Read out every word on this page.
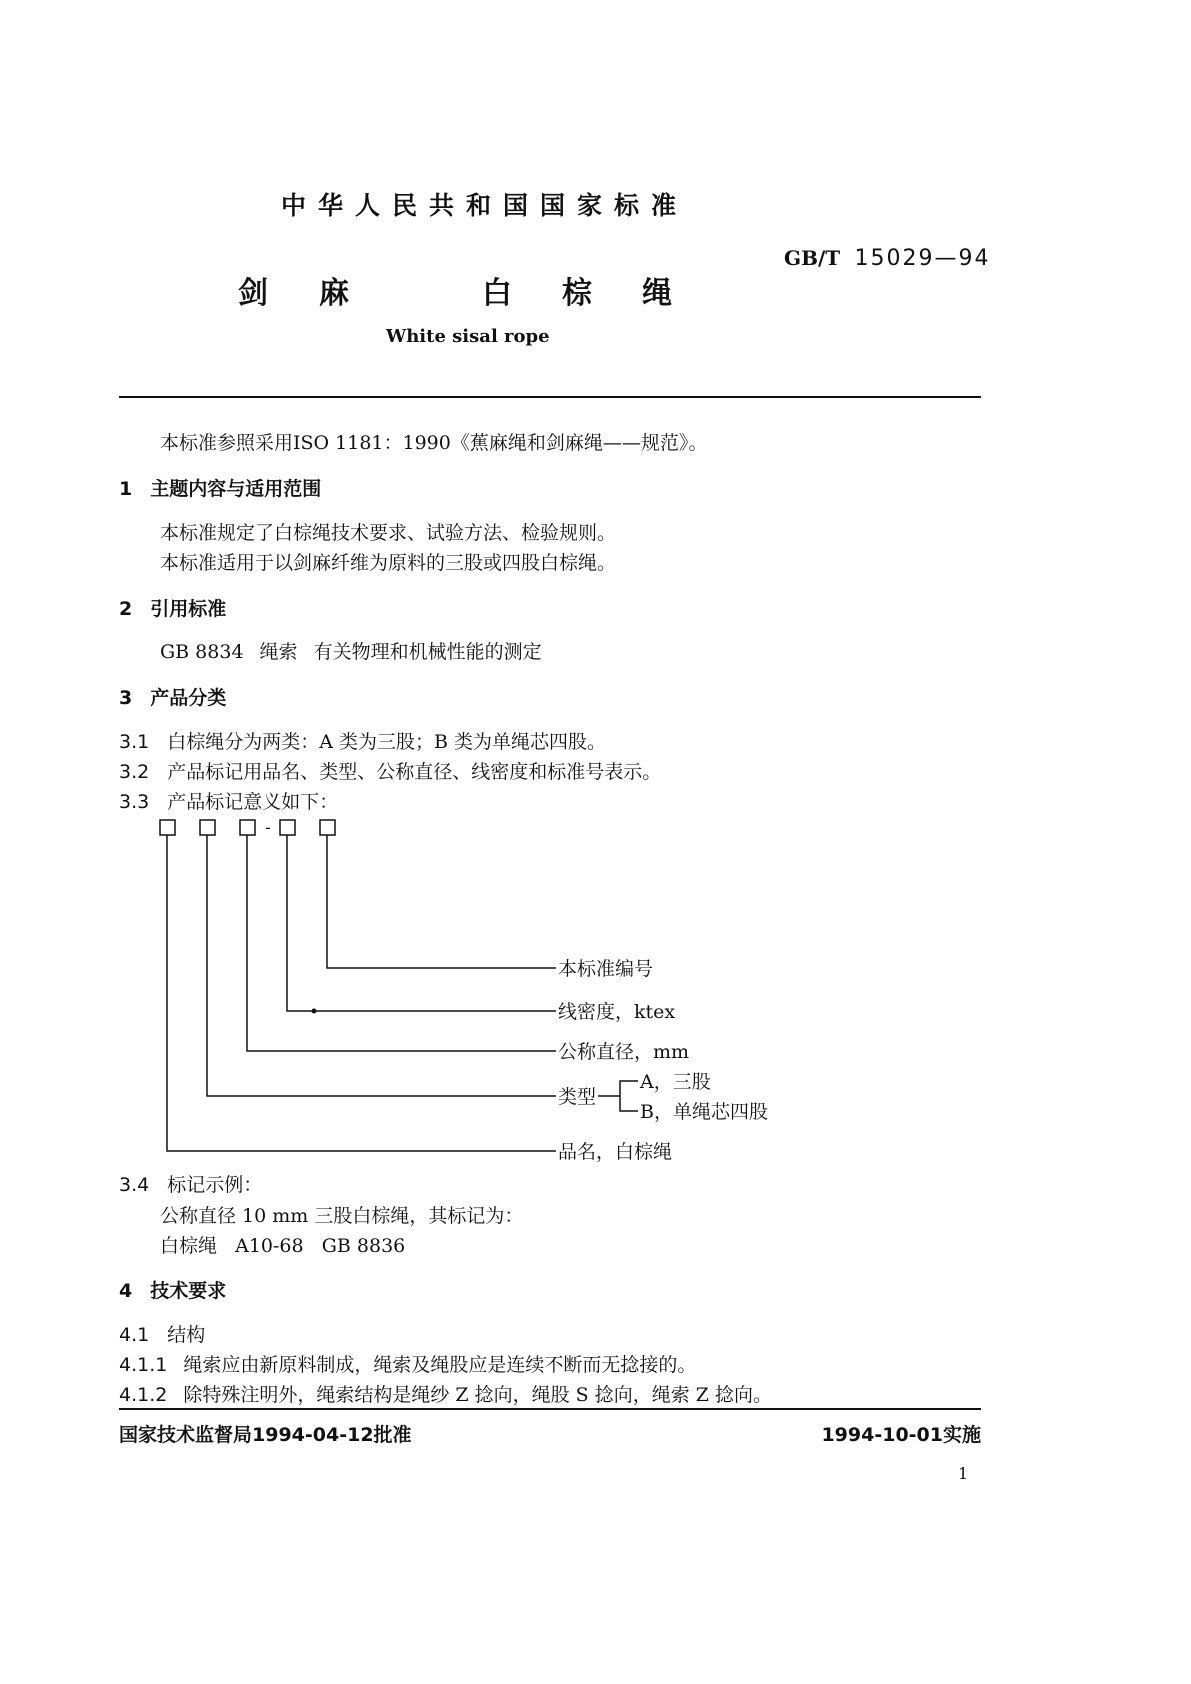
中华人民共和国国家标准
GB/T 15029—94
剑 麻	白 棕 绳
White sisal rope
本标准参照采用ISO 1181：1990《蕉麻绳和剑麻绳——规范》。
1 主题内容与适用范围
本标准规定了白棕绳技术要求、试验方法、检验规则。
本标准适用于以剑麻纤维为原料的三股或四股白棕绳。
2 引用标准
GB 8834 绳索 有关物理和机械性能的测定
3 产品分类
3.1 白棕绳分为两类：A 类为三股；B 类为单绳芯四股。
3.2 产品标记用品名、类型、公称直径、线密度和标准号表示。
3.3 产品标记意义如下：
-
本标准编号
线密度，ktex
公称直径，mm
类型
A，三股
B，单绳芯四股
品名，白棕绳
3.4 标记示例：
公称直径 10 mm 三股白棕绳，其标记为：
白棕绳   A10-68   GB 8836
4 技术要求
4.1 结构
4.1.1 绳索应由新原料制成，绳索及绳股应是连续不断而无捻接的。
4.1.2 除特殊注明外，绳索结构是绳纱 Z 捻向，绳股 S 捻向，绳索 Z 捻向。
国家技术监督局1994-04-12批准	1994-10-01实施
1
